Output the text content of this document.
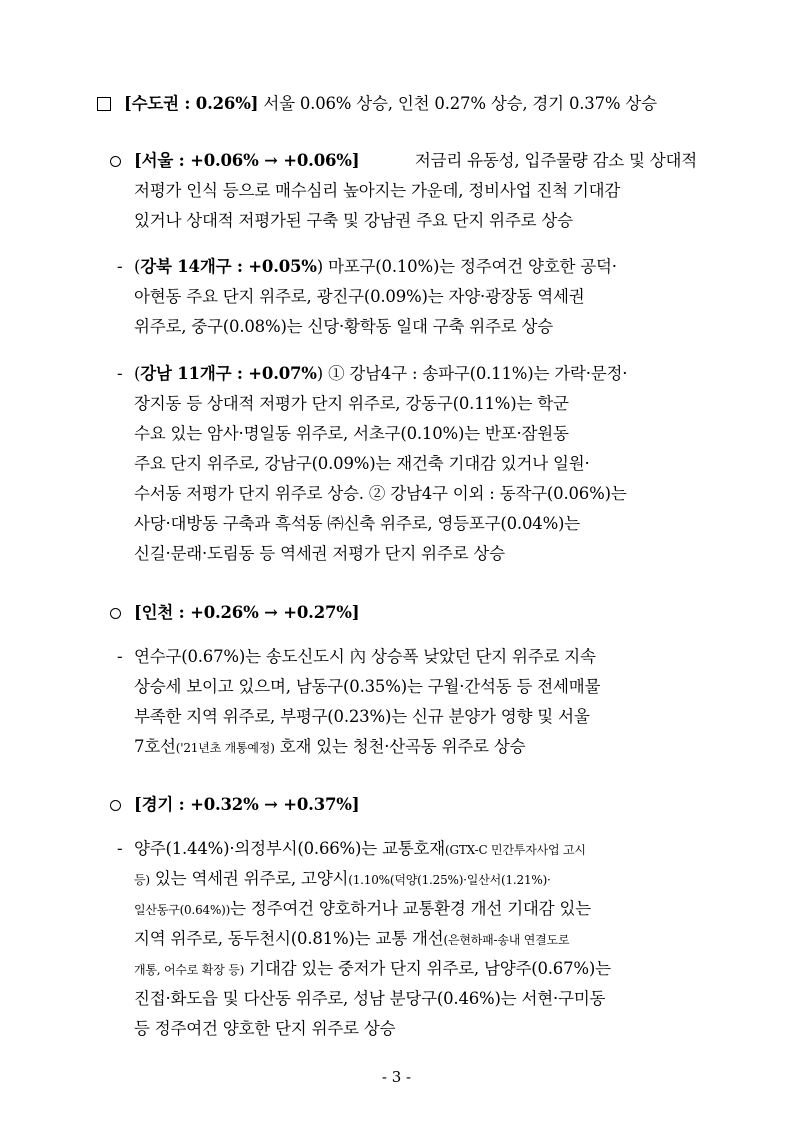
[수도권 : 0.26%] 서울 0.06% 상승, 인천 0.27% 상승, 경기 0.37% 상승
[서울 : +0.06% → +0.06%]	저금리 유동성, 입주물량 감소 및 상대적
저평가 인식 등으로 매수심리 높아지는 가운데, 정비사업 진척 기대감
있거나 상대적 저평가된 구축 및 강남권 주요 단지 위주로 상승
- (강북 14개구 : +0.05%) 마포구(0.10%)는 정주여건 양호한 공덕·
아현동 주요 단지 위주로, 광진구(0.09%)는 자양·광장동 역세권
위주로, 중구(0.08%)는 신당·황학동 일대 구축 위주로 상승
- (강남 11개구 : +0.07%) ① 강남4구 : 송파구(0.11%)는 가락·문정·
장지동 등 상대적 저평가 단지 위주로, 강동구(0.11%)는 학군
수요 있는 암사·명일동 위주로, 서초구(0.10%)는 반포·잠원동
주요 단지 위주로, 강남구(0.09%)는 재건축 기대감 있거나 일원·
수서동 저평가 단지 위주로 상승. ② 강남4구 이외 : 동작구(0.06%)는
사당·대방동 구축과 흑석동 ㈜신축 위주로, 영등포구(0.04%)는
신길·문래·도림동 등 역세권 저평가 단지 위주로 상승
[인천 : +0.26% → +0.27%]
- 연수구(0.67%)는 송도신도시 內 상승폭 낮았던 단지 위주로 지속
상승세 보이고 있으며, 남동구(0.35%)는 구월·간석동 등 전세매물
부족한 지역 위주로, 부평구(0.23%)는 신규 분양가 영향 및 서울
7호선('21년초 개통예정) 호재 있는 청천·산곡동 위주로 상승
[경기 : +0.32% → +0.37%]
- 양주(1.44%)·의정부시(0.66%)는 교통호재(GTX-C 민간투자사업 고시
등) 있는 역세권 위주로, 고양시(1.10%(덕양(1.25%)·일산서(1.21%)·
일산동구(0.64%))는 정주여건 양호하거나 교통환경 개선 기대감 있는
지역 위주로, 동두천시(0.81%)는 교통 개선(은현하패-송내 연결도로
개통, 어수로 확장 등) 기대감 있는 중저가 단지 위주로, 남양주(0.67%)는
진접·화도읍 및 다산동 위주로, 성남 분당구(0.46%)는 서현·구미동
등 정주여건 양호한 단지 위주로 상승
- 3 -
